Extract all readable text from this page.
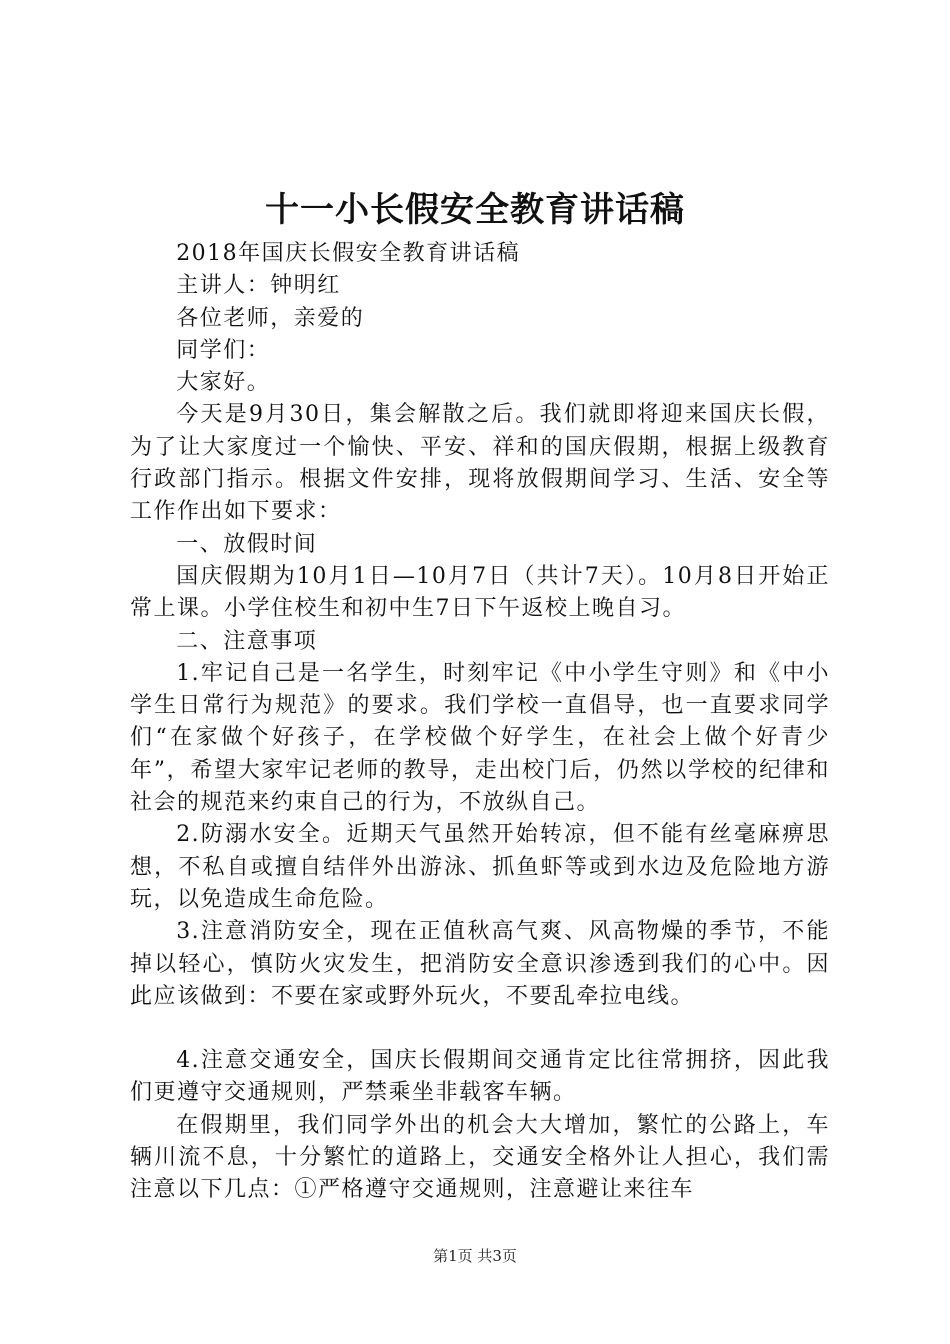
十一小长假安全教育讲话稿

2018年国庆长假安全教育讲话稿

主讲人：钟明红

各位老师，亲爱的

同学们：

大家好。

今天是9月30日，集会解散之后。我们就即将迎来国庆长假，为了让大家度过一个愉快、平安、祥和的国庆假期，根据上级教育行政部门指示。根据文件安排，现将放假期间学习、生活、安全等工作作出如下要求：

一、放假时间

国庆假期为10月1日—10月7日（共计7天）。10月8日开始正常上课。小学住校生和初中生7日下午返校上晚自习。

二、注意事项

1.牢记自己是一名学生，时刻牢记《中小学生守则》和《中小学生日常行为规范》的要求。我们学校一直倡导，也一直要求同学们“在家做个好孩子，在学校做个好学生，在社会上做个好青少年”，希望大家牢记老师的教导，走出校门后，仍然以学校的纪律和社会的规范来约束自己的行为，不放纵自己。

2.防溺水安全。近期天气虽然开始转凉，但不能有丝毫麻痹思想，不私自或擅自结伴外出游泳、抓鱼虾等或到水边及危险地方游玩，以免造成生命危险。

3.注意消防安全，现在正值秋高气爽、风高物燥的季节，不能掉以轻心，慎防火灾发生，把消防安全意识渗透到我们的心中。因此应该做到：不要在家或野外玩火，不要乱牵拉电线。

4.注意交通安全，国庆长假期间交通肯定比往常拥挤，因此我们更遵守交通规则，严禁乘坐非载客车辆。

在假期里，我们同学外出的机会大大增加，繁忙的公路上，车辆川流不息，十分繁忙的道路上，交通安全格外让人担心，我们需注意以下几点：①严格遵守交通规则，注意避让来往车

第1页 共3页
